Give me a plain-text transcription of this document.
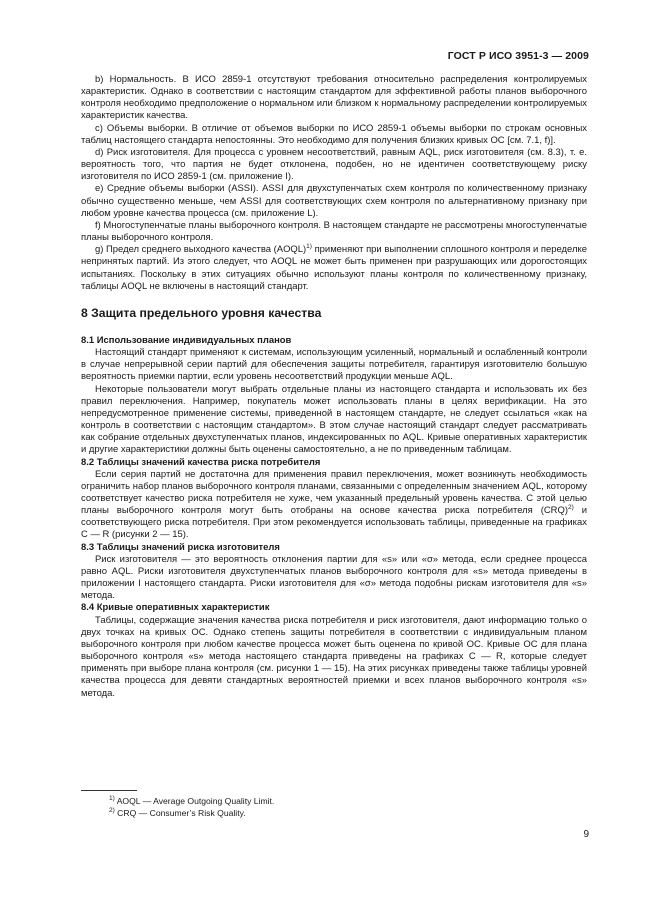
ГОСТ Р ИСО 3951-3 — 2009

b) Нормальность. В ИСО 2859-1 отсутствуют требования относительно распределения контролируемых характеристик. Однако в соответствии с настоящим стандартом для эффективной работы планов выборочного контроля необходимо предположение о нормальном или близком к нормальному распределении контролируемых характеристик качества.

c) Объемы выборки. В отличие от объемов выборки по ИСО 2859-1 объемы выборки по строкам основных таблиц настоящего стандарта непостоянны. Это необходимо для получения близких кривых ОС [см. 7.1, f)].

d) Риск изготовителя. Для процесса с уровнем несоответствий, равным AQL, риск изготовителя (см. 8.3), т. е. вероятность того, что партия не будет отклонена, подобен, но не идентичен соответствующему риску изготовителя по ИСО 2859-1 (см. приложение I).

e) Средние объемы выборки (ASSI). ASSI для двухступенчатых схем контроля по количественному признаку обычно существенно меньше, чем ASSI для соответствующих схем контроля по альтернативному признаку при любом уровне качества процесса (см. приложение L).

f) Многоступенчатые планы выборочного контроля. В настоящем стандарте не рассмотрены многоступенчатые планы выборочного контроля.

g) Предел среднего выходного качества (AOQL)$^{1)}$ применяют при выполнении сплошного контроля и переделке непринятых партий. Из этого следует, что AOQL не может быть применен при разрушающих или дорогостоящих испытаниях. Поскольку в этих ситуациях обычно используют планы контроля по количественному признаку, таблицы AOQL не включены в настоящий стандарт.

8 Защита предельного уровня качества

8.1 Использование индивидуальных планов

Настоящий стандарт применяют к системам, использующим усиленный, нормальный и ослабленный контроли в случае непрерывной серии партий для обеспечения защиты потребителя, гарантируя изготовителю большую вероятность приемки партии, если уровень несоответствий продукции меньше AQL.

Некоторые пользователи могут выбрать отдельные планы из настоящего стандарта и использовать их без правил переключения. Например, покупатель может использовать планы в целях верификации. На это непредусмотренное применение системы, приведенной в настоящем стандарте, не следует ссылаться «как на контроль в соответствии с настоящим стандартом». В этом случае настоящий стандарт следует рассматривать как собрание отдельных двухступенчатых планов, индексированных по AQL. Кривые оперативных характеристик и другие характеристики должны быть оценены самостоятельно, а не по приведенным таблицам.

8.2 Таблицы значений качества риска потребителя

Если серия партий не достаточна для применения правил переключения, может возникнуть необходимость ограничить набор планов выборочного контроля планами, связанными с определенным значением AQL, которому соответствует качество риска потребителя не хуже, чем указанный предельный уровень качества. С этой целью планы выборочного контроля могут быть отобраны на основе качества риска потребителя (CRQ)$^{2)}$ и соответствующего риска потребителя. При этом рекомендуется использовать таблицы, приведенные на графиках С — R (рисунки 2 — 15).

8.3 Таблицы значений риска изготовителя

Риск изготовителя — это вероятность отклонения партии для «s» или «σ» метода, если среднее процесса равно AQL. Риски изготовителя двухступенчатых планов выборочного контроля для «s» метода приведены в приложении I настоящего стандарта. Риски изготовителя для «σ» метода подобны рискам изготовителя для «s» метода.

8.4 Кривые оперативных характеристик

Таблицы, содержащие значения качества риска потребителя и риск изготовителя, дают информацию только о двух точках на кривых ОС. Однако степень защиты потребителя в соответствии с индивидуальным планом выборочного контроля при любом качестве процесса может быть оценена по кривой ОС. Кривые ОС для плана выборочного контроля «s» метода настоящего стандарта приведены на графиках С — R, которые следует применять при выборе плана контроля (см. рисунки 1 — 15). На этих рисунках приведены также таблицы уровней качества процесса для девяти стандартных вероятностей приемки и всех планов выборочного контроля «s» метода.

$^{1)}$ AOQL — Average Outgoing Quality Limit.
$^{2)}$ CRQ — Consumer’s Risk Quality.
9
